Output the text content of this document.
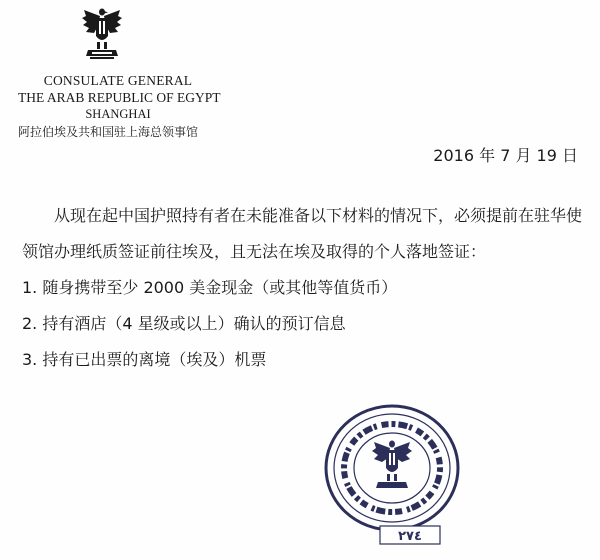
CONSULATE GENERAL
THE ARAB REPUBLIC OF EGYPT
SHANGHAI
阿拉伯埃及共和国驻上海总领事馆
2016 年 7 月 19 日

从现在起中国护照持有者在未能准备以下材料的情况下，必须提前在驻华使领馆办理纸质签证前往埃及，且无法在埃及取得的个人落地签证：

1. 随身携带至少 2000 美金现金（或其他等值货币）
2. 持有酒店（4 星级或以上）确认的预订信息
3. 持有已出票的离境（埃及）机票
٢٧٤
